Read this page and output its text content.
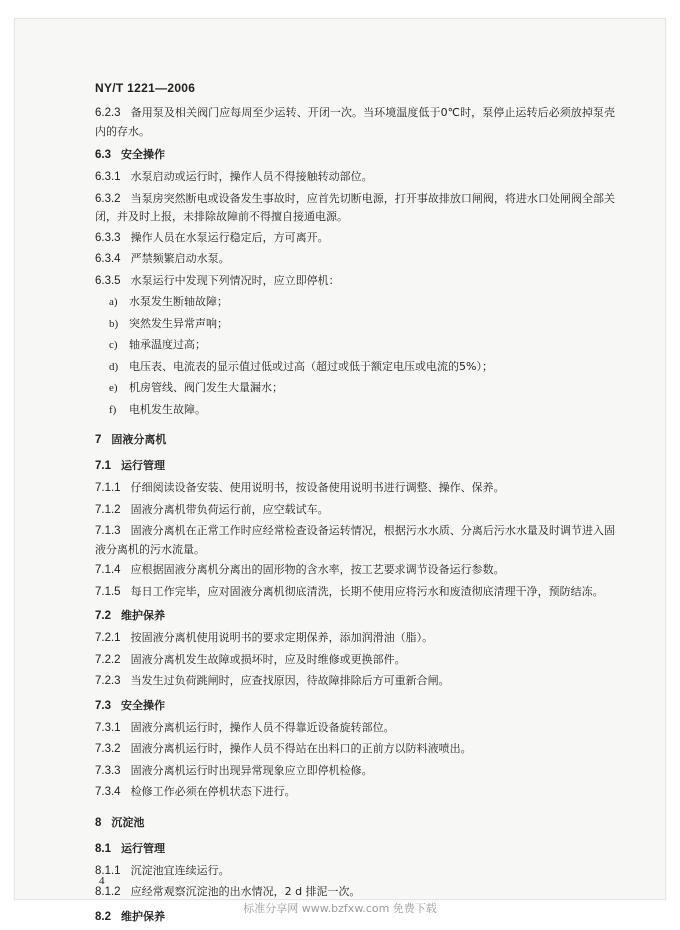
NY/T 1221—2006
6.2.3 备用泵及相关阀门应每周至少运转、开闭一次。当环境温度低于0℃时，泵停止运转后必须放掉泵壳内的存水。
6.3 安全操作
6.3.1 水泵启动或运行时，操作人员不得接触转动部位。
6.3.2 当泵房突然断电或设备发生事故时，应首先切断电源，打开事故排放口闸阀，将进水口处闸阀全部关闭，并及时上报，未排除故障前不得擅自接通电源。
6.3.3 操作人员在水泵运行稳定后，方可离开。
6.3.4 严禁频繁启动水泵。
6.3.5 水泵运行中发现下列情况时，应立即停机：
a) 水泵发生断轴故障；
b) 突然发生异常声响；
c) 轴承温度过高；
d) 电压表、电流表的显示值过低或过高（超过或低于额定电压或电流的5%）；
e) 机房管线、阀门发生大量漏水；
f) 电机发生故障。
7 固液分离机
7.1 运行管理
7.1.1 仔细阅读设备安装、使用说明书，按设备使用说明书进行调整、操作、保养。
7.1.2 固液分离机带负荷运行前，应空载试车。
7.1.3 固液分离机在正常工作时应经常检查设备运转情况，根据污水水质、分离后污水水量及时调节进入固液分离机的污水流量。
7.1.4 应根据固液分离机分离出的固形物的含水率，按工艺要求调节设备运行参数。
7.1.5 每日工作完毕，应对固液分离机彻底清洗，长期不使用应将污水和废渣彻底清理干净，预防结冻。
7.2 维护保养
7.2.1 按固液分离机使用说明书的要求定期保养，添加润滑油（脂）。
7.2.2 固液分离机发生故障或损坏时，应及时维修或更换部件。
7.2.3 当发生过负荷跳闸时，应查找原因，待故障排除后方可重新合闸。
7.3 安全操作
7.3.1 固液分离机运行时，操作人员不得靠近设备旋转部位。
7.3.2 固液分离机运行时，操作人员不得站在出料口的正前方以防料液喷出。
7.3.3 固液分离机运行时出现异常现象应立即停机检修。
7.3.4 检修工作必须在停机状态下进行。
8 沉淀池
8.1 运行管理
8.1.1 沉淀池宜连续运行。
8.1.2 应经常观察沉淀池的出水情况，2 d 排泥一次。
8.2 维护保养
4
标准分享网 www.bzfxw.com 免费下载
